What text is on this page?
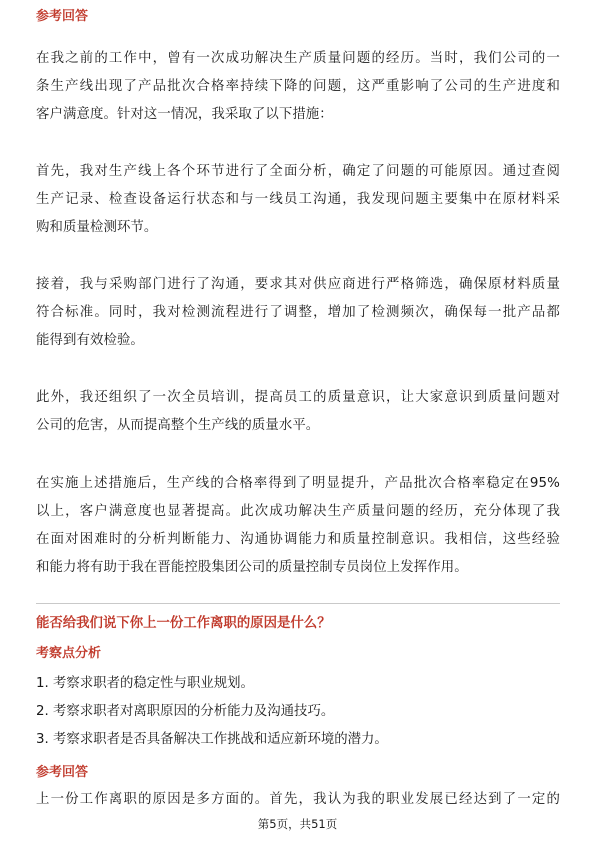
参考回答
在我之前的工作中，曾有一次成功解决生产质量问题的经历。当时，我们公司的一
条生产线出现了产品批次合格率持续下降的问题，这严重影响了公司的生产进度和
客户满意度。针对这一情况，我采取了以下措施：
首先，我对生产线上各个环节进行了全面分析，确定了问题的可能原因。通过查阅
生产记录、检查设备运行状态和与一线员工沟通，我发现问题主要集中在原材料采
购和质量检测环节。
接着，我与采购部门进行了沟通，要求其对供应商进行严格筛选，确保原材料质量
符合标准。同时，我对检测流程进行了调整，增加了检测频次，确保每一批产品都
能得到有效检验。
此外，我还组织了一次全员培训，提高员工的质量意识，让大家意识到质量问题对
公司的危害，从而提高整个生产线的质量水平。
在实施上述措施后，生产线的合格率得到了明显提升，产品批次合格率稳定在95%
以上，客户满意度也显著提高。此次成功解决生产质量问题的经历，充分体现了我
在面对困难时的分析判断能力、沟通协调能力和质量控制意识。我相信，这些经验
和能力将有助于我在晋能控股集团公司的质量控制专员岗位上发挥作用。
能否给我们说下你上一份工作离职的原因是什么？
考察点分析
1. 考察求职者的稳定性与职业规划。
2. 考察求职者对离职原因的分析能力及沟通技巧。
3. 考察求职者是否具备解决工作挑战和适应新环境的潜力。
参考回答
上一份工作离职的原因是多方面的。首先，我认为我的职业发展已经达到了一定的
第5页，共51页
